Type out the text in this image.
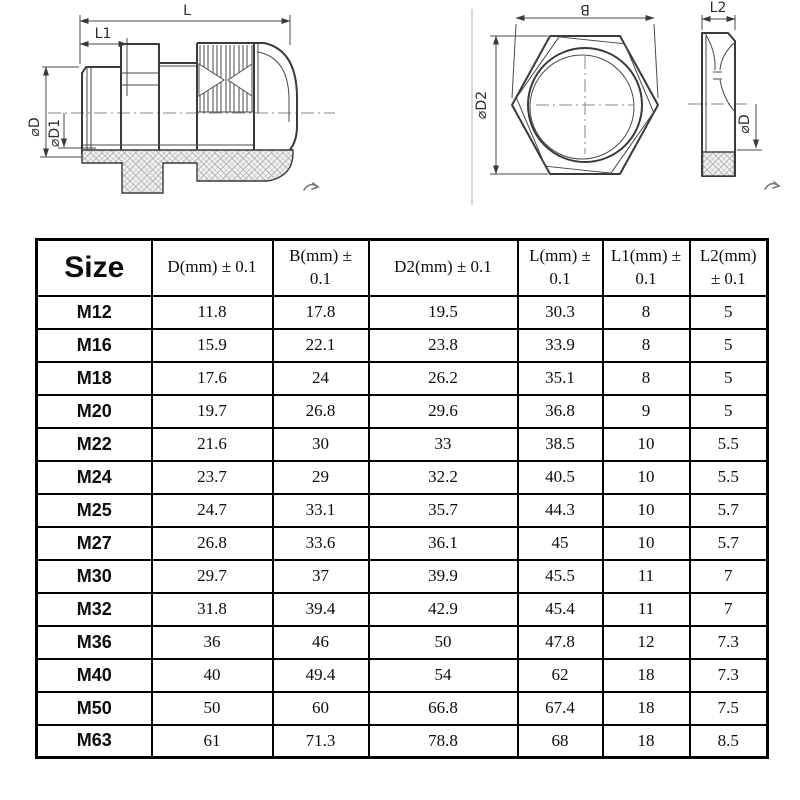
L
L1
⌀D ⌀D1
B
⌀D2
L2
⌀D
Size	D(mm) ± 0.1	B(mm) ± 0.1	D2(mm) ± 0.1	L(mm) ± 0.1	L1(mm) ± 0.1	L2(mm) ± 0.1
M12	11.8	17.8	19.5	30.3	8	5
M16	15.9	22.1	23.8	33.9	8	5
M18	17.6	24	26.2	35.1	8	5
M20	19.7	26.8	29.6	36.8	9	5
M22	21.6	30	33	38.5	10	5.5
M24	23.7	29	32.2	40.5	10	5.5
M25	24.7	33.1	35.7	44.3	10	5.7
M27	26.8	33.6	36.1	45	10	5.7
M30	29.7	37	39.9	45.5	11	7
M32	31.8	39.4	42.9	45.4	11	7
M36	36	46	50	47.8	12	7.3
M40	40	49.4	54	62	18	7.3
M50	50	60	66.8	67.4	18	7.5
M63	61	71.3	78.8	68	18	8.5
